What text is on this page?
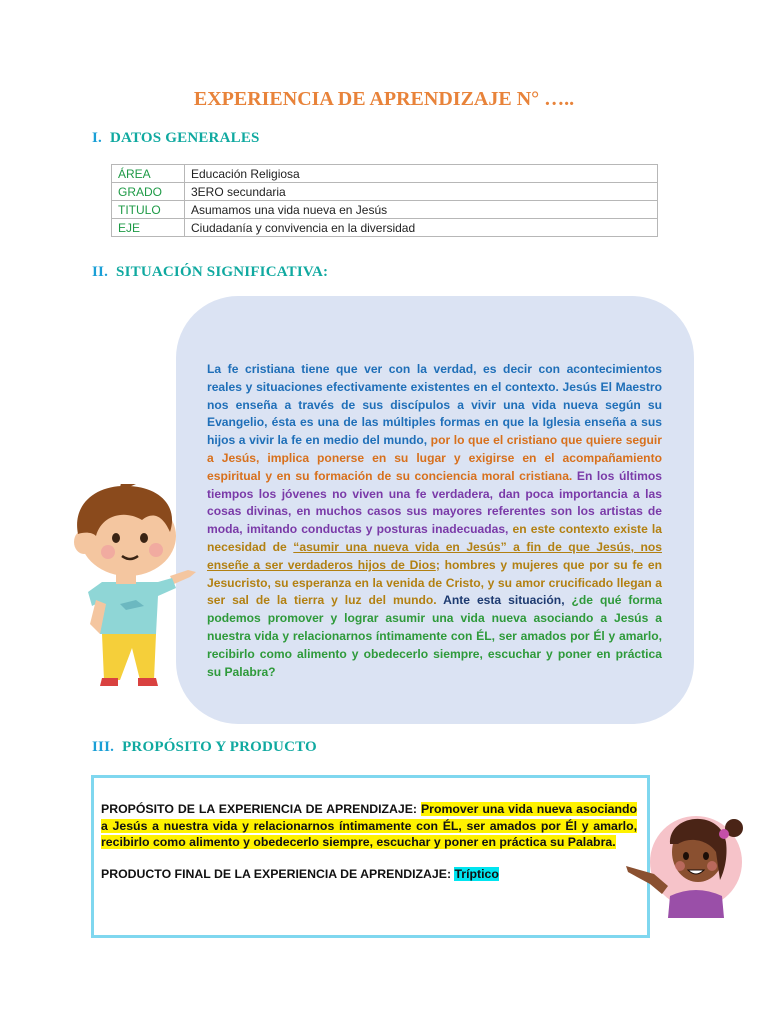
EXPERIENCIA DE APRENDIZAJE N° …..
I. DATOS GENERALES
ÁREA	Educación Religiosa
GRADO	3ERO secundaria
TITULO	Asumamos una vida nueva en Jesús
EJE	Ciudadanía y convivencia en la diversidad
II. SITUACIÓN SIGNIFICATIVA:
La fe cristiana tiene que ver con la verdad, es decir con acontecimientos reales y situaciones efectivamente existentes en el contexto. Jesús El Maestro nos enseña a través de sus discípulos a vivir una vida nueva según su Evangelio, ésta es una de las múltiples formas en que la Iglesia enseña a sus hijos a vivir la fe en medio del mundo, por lo que el cristiano que quiere seguir a Jesús, implica ponerse en su lugar y exigirse en el acompañamiento espiritual y en su formación de su conciencia moral cristiana. En los últimos tiempos los jóvenes no viven una fe verdadera, dan poca importancia a las cosas divinas, en muchos casos sus mayores referentes son los artistas de moda, imitando conductas y posturas inadecuadas, en este contexto existe la necesidad de “asumir una nueva vida en Jesús” a fin de que Jesús, nos enseñe a ser verdaderos hijos de Dios; hombres y mujeres que por su fe en Jesucristo, su esperanza en la venida de Cristo, y su amor crucificado llegan a ser sal de la tierra y luz del mundo. Ante esta situación, ¿de qué forma podemos promover y lograr asumir una vida nueva asociando a Jesús a nuestra vida y relacionarnos íntimamente con ÉL, ser amados por Él y amarlo, recibirlo como alimento y obedecerlo siempre, escuchar y poner en práctica su Palabra?
III. PROPÓSITO Y PRODUCTO
PROPÓSITO DE LA EXPERIENCIA DE APRENDIZAJE: Promover una vida nueva asociando a Jesús a nuestra vida y relacionarnos íntimamente con ÉL, ser amados por Él y amarlo, recibirlo como alimento y obedecerlo siempre, escuchar y poner en práctica su Palabra.
PRODUCTO FINAL DE LA EXPERIENCIA DE APRENDIZAJE: Tríptico
